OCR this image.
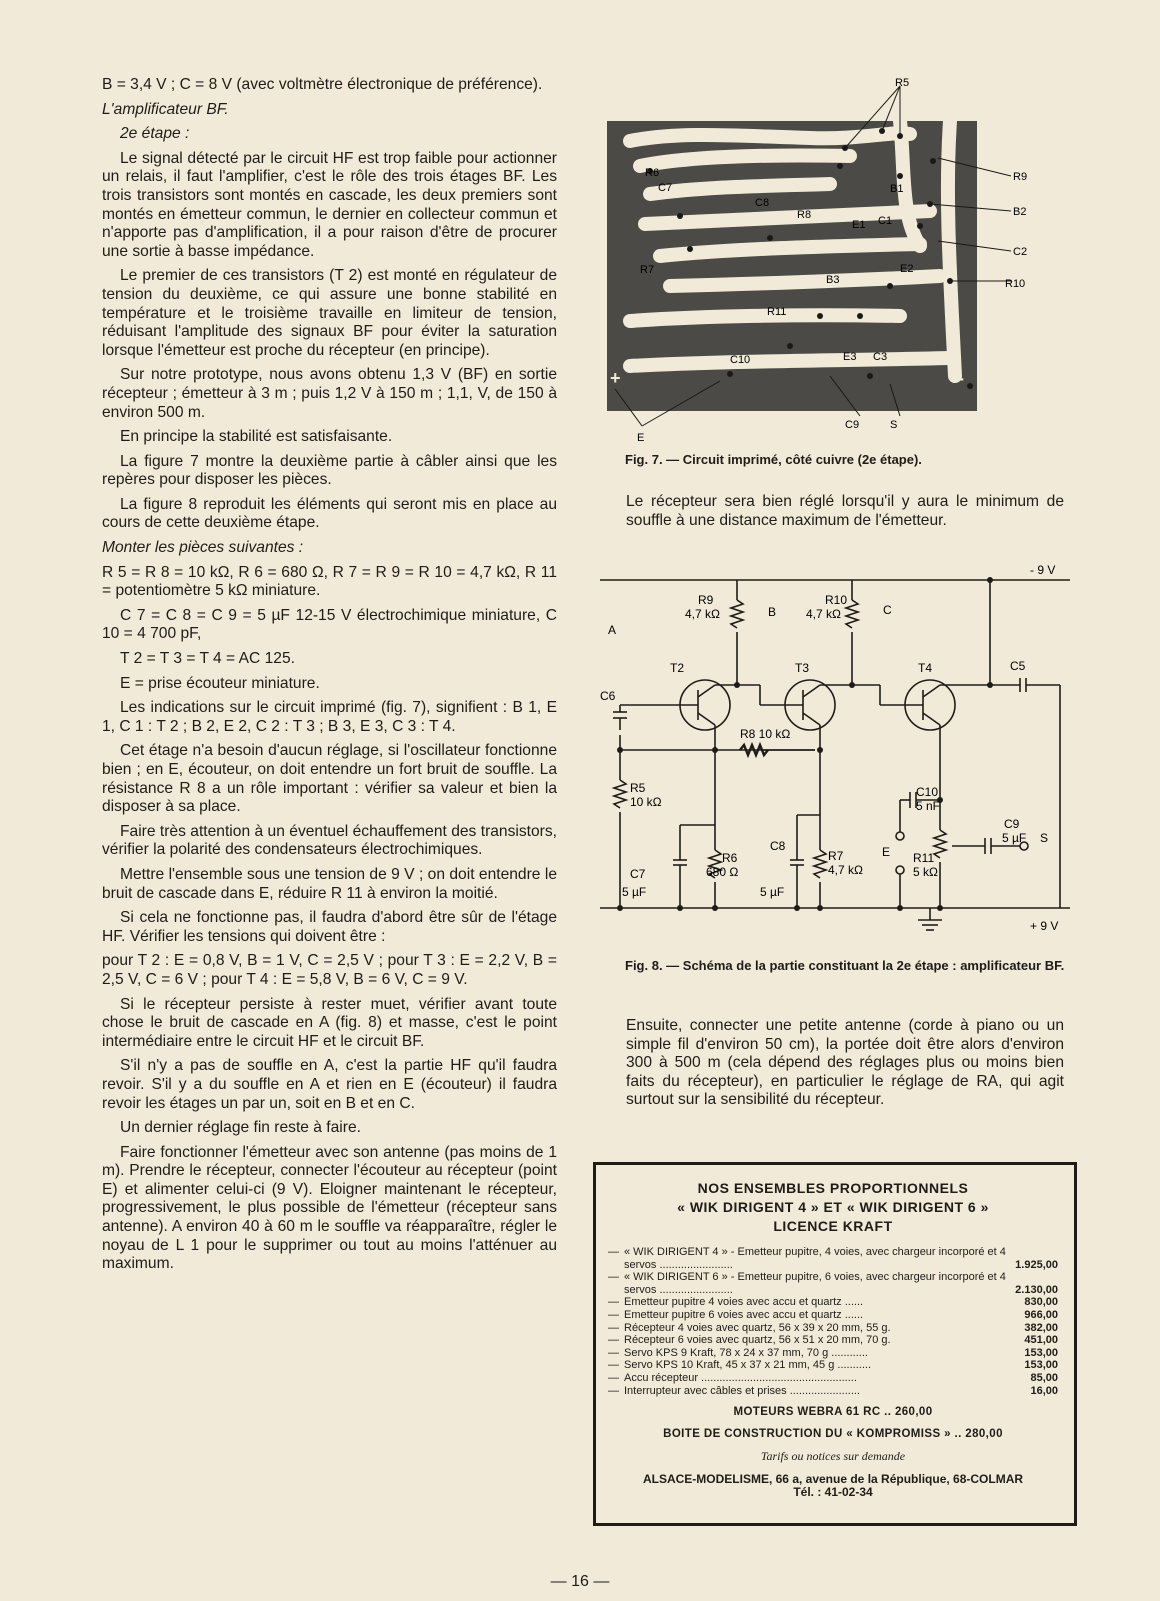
B = 3,4 V ; C = 8 V (avec voltmètre électronique de préférence).

L'amplificateur BF.

2e étape :

Le signal détecté par le circuit HF est trop faible pour actionner un relais, il faut l'amplifier, c'est le rôle des trois étages BF. Les trois transistors sont montés en cascade, les deux premiers sont montés en émetteur commun, le dernier en collecteur commun et n'apporte pas d'amplification, il a pour raison d'être de procurer une sortie à basse impédance.

Le premier de ces transistors (T 2) est monté en régulateur de tension du deuxième, ce qui assure une bonne stabilité en température et le troisième travaille en limiteur de tension, réduisant l'amplitude des signaux BF pour éviter la saturation lorsque l'émetteur est proche du récepteur (en principe).

Sur notre prototype, nous avons obtenu 1,3 V (BF) en sortie récepteur ; émetteur à 3 m ; puis 1,2 V à 150 m ; 1,1, V, de 150 à environ 500 m.

En principe la stabilité est satisfaisante.

La figure 7 montre la deuxième partie à câbler ainsi que les repères pour disposer les pièces.

La figure 8 reproduit les éléments qui seront mis en place au cours de cette deuxième étape.

Monter les pièces suivantes :

R 5 = R 8 = 10 kΩ, R 6 = 680 Ω, R 7 = R 9 = R 10 = 4,7 kΩ, R 11 = potentiomètre 5 kΩ miniature.

C 7 = C 8 = C 9 = 5 µF 12-15 V électrochimique miniature, C 10 = 4 700 pF,

T 2 = T 3 = T 4 = AC 125.

E = prise écouteur miniature.

Les indications sur le circuit imprimé (fig. 7), signifient : B 1, E 1, C 1 : T 2 ; B 2, E 2, C 2 : T 3 ; B 3, E 3, C 3 : T 4.

Cet étage n'a besoin d'aucun réglage, si l'oscillateur fonctionne bien ; en E, écouteur, on doit entendre un fort bruit de souffle. La résistance R 8 a un rôle important : vérifier sa valeur et bien la disposer à sa place.

Faire très attention à un éventuel échauffement des transistors, vérifier la polarité des condensateurs électrochimiques.

Mettre l'ensemble sous une tension de 9 V ; on doit entendre le bruit de cascade dans E, réduire R 11 à environ la moitié.

Si cela ne fonctionne pas, il faudra d'abord être sûr de l'étage HF. Vérifier les tensions qui doivent être :

pour T 2 : E = 0,8 V, B = 1 V, C = 2,5 V ; pour T 3 : E = 2,2 V, B = 2,5 V, C = 6 V ; pour T 4 : E = 5,8 V, B = 6 V, C = 9 V.

Si le récepteur persiste à rester muet, vérifier avant toute chose le bruit de cascade en A (fig. 8) et masse, c'est le point intermédiaire entre le circuit HF et le circuit BF.

S'il n'y a pas de souffle en A, c'est la partie HF qu'il faudra revoir. S'il y a du souffle en A et rien en E (écouteur) il faudra revoir les étages un par un, soit en B et en C.

Un dernier réglage fin reste à faire.

Faire fonctionner l'émetteur avec son antenne (pas moins de 1 m). Prendre le récepteur, connecter l'écouteur au récepteur (point E) et alimenter celui-ci (9 V). Eloigner maintenant le récepteur, progressivement, le plus possible de l'émetteur (récepteur sans antenne). A environ 40 à 60 m le souffle va réapparaître, régler le noyau de L 1 pour le supprimer ou tout au moins l'atténuer au maximum.

R5
R6
C7
C8
R8
E1 C1
B1
R9
B2
C2
R7
B3
E2
R10
R11
C10	E3 C3
+	-
E
C9	S
Fig. 7. — Circuit imprimé, côté cuivre (2e étape).
Le récepteur sera bien réglé lorsqu'il y aura le minimum de souffle à une distance maximum de l'émetteur.
- 9 V
+ 9 V
R9
4,7 kΩ
R10
4,7 kΩ
A
B	C
T2	T3	T4	C5
C6
R8 10 kΩ
R5
10 kΩ
R6
680 Ω
C7
5 µF
C8
5 µF
R7
4,7 kΩ
E
C10
5 nF
R11
5 kΩ
C9
5 µF S
Fig. 8. — Schéma de la partie constituant la 2e étape : amplificateur BF.
Ensuite, connecter une petite antenne (corde à piano ou un simple fil d'environ 50 cm), la portée doit être alors d'environ 300 à 500 m (cela dépend des réglages plus ou moins bien faits du récepteur), en particulier le réglage de RA, qui agit surtout sur la sensibilité du récepteur.
NOS ENSEMBLES PROPORTIONNELS
« WIK DIRIGENT 4 » ET « WIK DIRIGENT 6 »
LICENCE KRAFT
—	« WIK DIRIGENT 4 » - Emetteur pupitre, 4 voies, avec chargeur incorporé et 4 servos ........................	1.925,00
—	« WIK DIRIGENT 6 » - Emetteur pupitre, 6 voies, avec chargeur incorporé et 4 servos ........................	2.130,00
—	Emetteur pupitre 4 voies avec accu et quartz ......	830,00
—	Emetteur pupitre 6 voies avec accu et quartz ......	966,00
—	Récepteur 4 voies avec quartz, 56 x 39 x 20 mm, 55 g.	382,00
—	Récepteur 6 voies avec quartz, 56 x 51 x 20 mm, 70 g.	451,00
—	Servo KPS 9 Kraft, 78 x 24 x 37 mm, 70 g ............	153,00
—	Servo KPS 10 Kraft, 45 x 37 x 21 mm, 45 g ...........	153,00
—	Accu récepteur ...................................................	85,00
—	Interrupteur avec câbles et prises .......................	16,00
MOTEURS WEBRA 61 RC .. 260,00
BOITE DE CONSTRUCTION DU « KOMPROMISS » .. 280,00
Tarifs ou notices sur demande
ALSACE-MODELISME, 66 a, avenue de la République, 68-COLMAR
Tél. : 41-02-34
— 16 —
